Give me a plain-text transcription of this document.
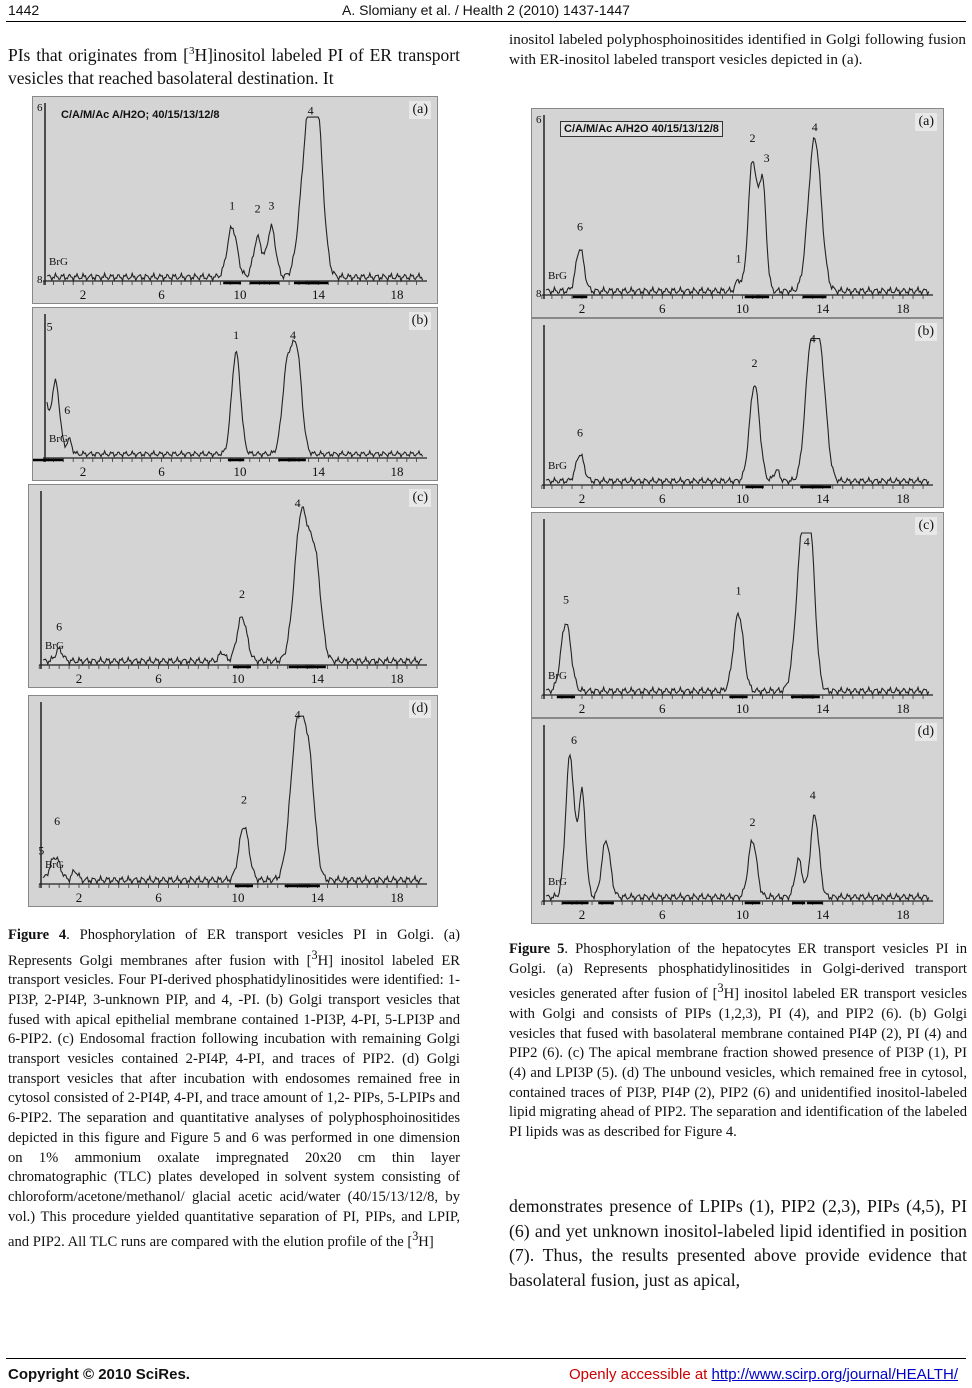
1442	A. Slomiany et al. / Health 2 (2010) 1437-1447
PIs that originates from [$^3$H]inositol labeled PI of ER transport vesicles that reached basolateral destination. It
inositol labeled polyphosphoinositides identified in Golgi following fusion with ER-inositol labeled transport vesicles depicted in (a).
2	6	10	14	18
1 2 3
4
6
BrG
8
(a)
C/A/M/Ac A/H2O; 40/15/13/12/8
2	6	10	14	18
5
6
1	4
BrG
(b)
2	6	10	14	18
6
2
4
BrG
(c)
2	6	10	14	18
6
5
2
4
BrG
(d)
2	6	10	14	18
6
1
2
3
4
6
BrG
8
(a)
C/A/M/Ac A/H2O 40/15/13/12/8
2	6	10	14	18
6
2
4
BrG
(b)
2	6	10	14	18
5
1
4
BrG
(c)
2	6	10	14	18
6
2
4
BrG
(d)
Figure 4. Phosphorylation of ER transport vesicles PI in Golgi. (a) Represents Golgi membranes after fusion with [$^3$H] inositol labeled ER transport vesicles. Four PI-derived phosphatidylinositides were identified: 1-PI3P, 2-PI4P, 3-unknown PIP, and 4, -PI. (b) Golgi transport vesicles that fused with apical epithelial membrane contained 1-PI3P, 4-PI, 5-LPI3P and 6-PIP2. (c) Endosomal fraction following incubation with remaining Golgi transport vesicles contained 2-PI4P, 4-PI, and traces of PIP2. (d) Golgi transport vesicles that after incubation with endosomes remained free in cytosol consisted of 2-PI4P, 4-PI, and trace amount of 1,2- PIPs, 5-LPIPs and 6-PIP2. The separation and quantitative analyses of polyphosphoinositides depicted in this figure and Figure 5 and 6 was performed in one dimension on 1% ammonium oxalate impregnated 20x20 cm thin layer chromatographic (TLC) plates developed in solvent system consisting of chloroform/acetone/methanol/ glacial acetic acid/water (40/15/13/12/8, by vol.) This procedure yielded quantitative separation of PI, PIPs, and LPIP, and PIP2. All TLC runs are compared with the elution profile of the [$^3$H]
Figure 5. Phosphorylation of the hepatocytes ER transport vesicles PI in Golgi. (a) Represents phosphatidylinositides in Golgi-derived transport vesicles generated after fusion of [$^3$H] inositol labeled ER transport vesicles with Golgi and consists of PIPs (1,2,3), PI (4), and PIP2 (6). (b) Golgi vesicles that fused with basolateral membrane contained PI4P (2), PI (4) and PIP2 (6). (c) The apical membrane fraction showed presence of PI3P (1), PI (4) and LPI3P (5). (d) The unbound vesicles, which remained free in cytosol, contained traces of PI3P, PI4P (2), PIP2 (6) and unidentified inositol-labeled lipid migrating ahead of PIP2. The separation and identification of the labeled PI lipids was as described for Figure 4.
demonstrates presence of LPIPs (1), PIP2 (2,3), PIPs (4,5), PI (6) and yet unknown inositol-labeled lipid identified in position (7). Thus, the results presented above provide evidence that basolateral fusion, just as apical,
Copyright © 2010 SciRes.	Openly accessible at http://www.scirp.org/journal/HEALTH/
